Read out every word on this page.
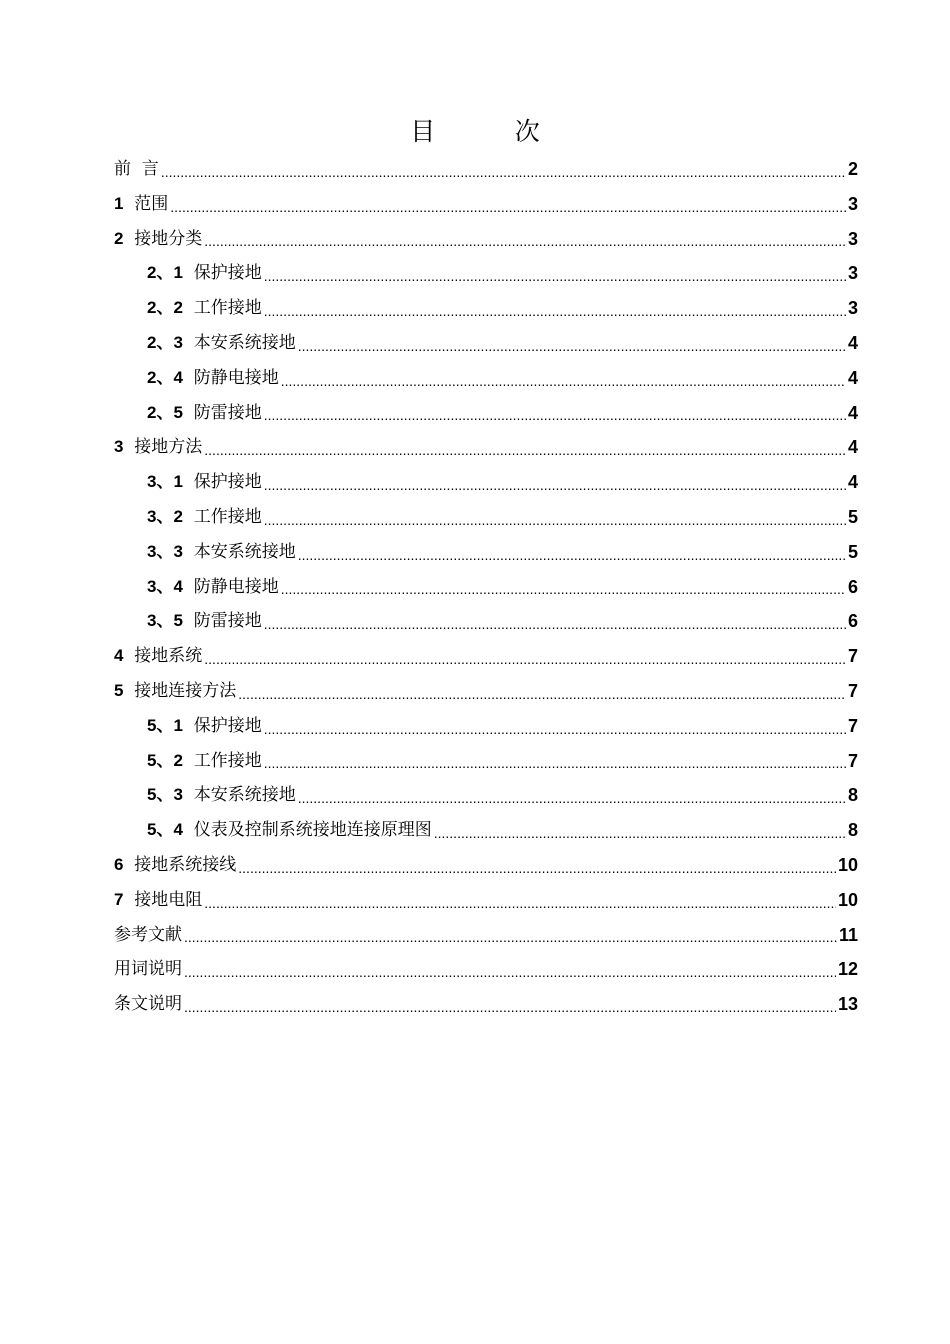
目          次
前  言 .....	2
1 范围 .....	3
2 接地分类 .....	3
2、1 保护接地 .....	3
2、2 工作接地 .....	3
2、3 本安系统接地 .....	4
2、4 防静电接地 .....	4
2、5 防雷接地 .....	4
3 接地方法 .....	4
3、1 保护接地 .....	4
3、2 工作接地 .....	5
3、3 本安系统接地 .....	5
3、4 防静电接地 .....	6
3、5 防雷接地 .....	6
4 接地系统 .....	7
5 接地连接方法 .....	7
5、1 保护接地 .....	7
5、2 工作接地 .....	7
5、3 本安系统接地 .....	8
5、4 仪表及控制系统接地连接原理图 .....	8
6 接地系统接线 .....	10
7 接地电阻 .....	10
参考文献 .....	11
用词说明 .....	12
条文说明 .....	13
